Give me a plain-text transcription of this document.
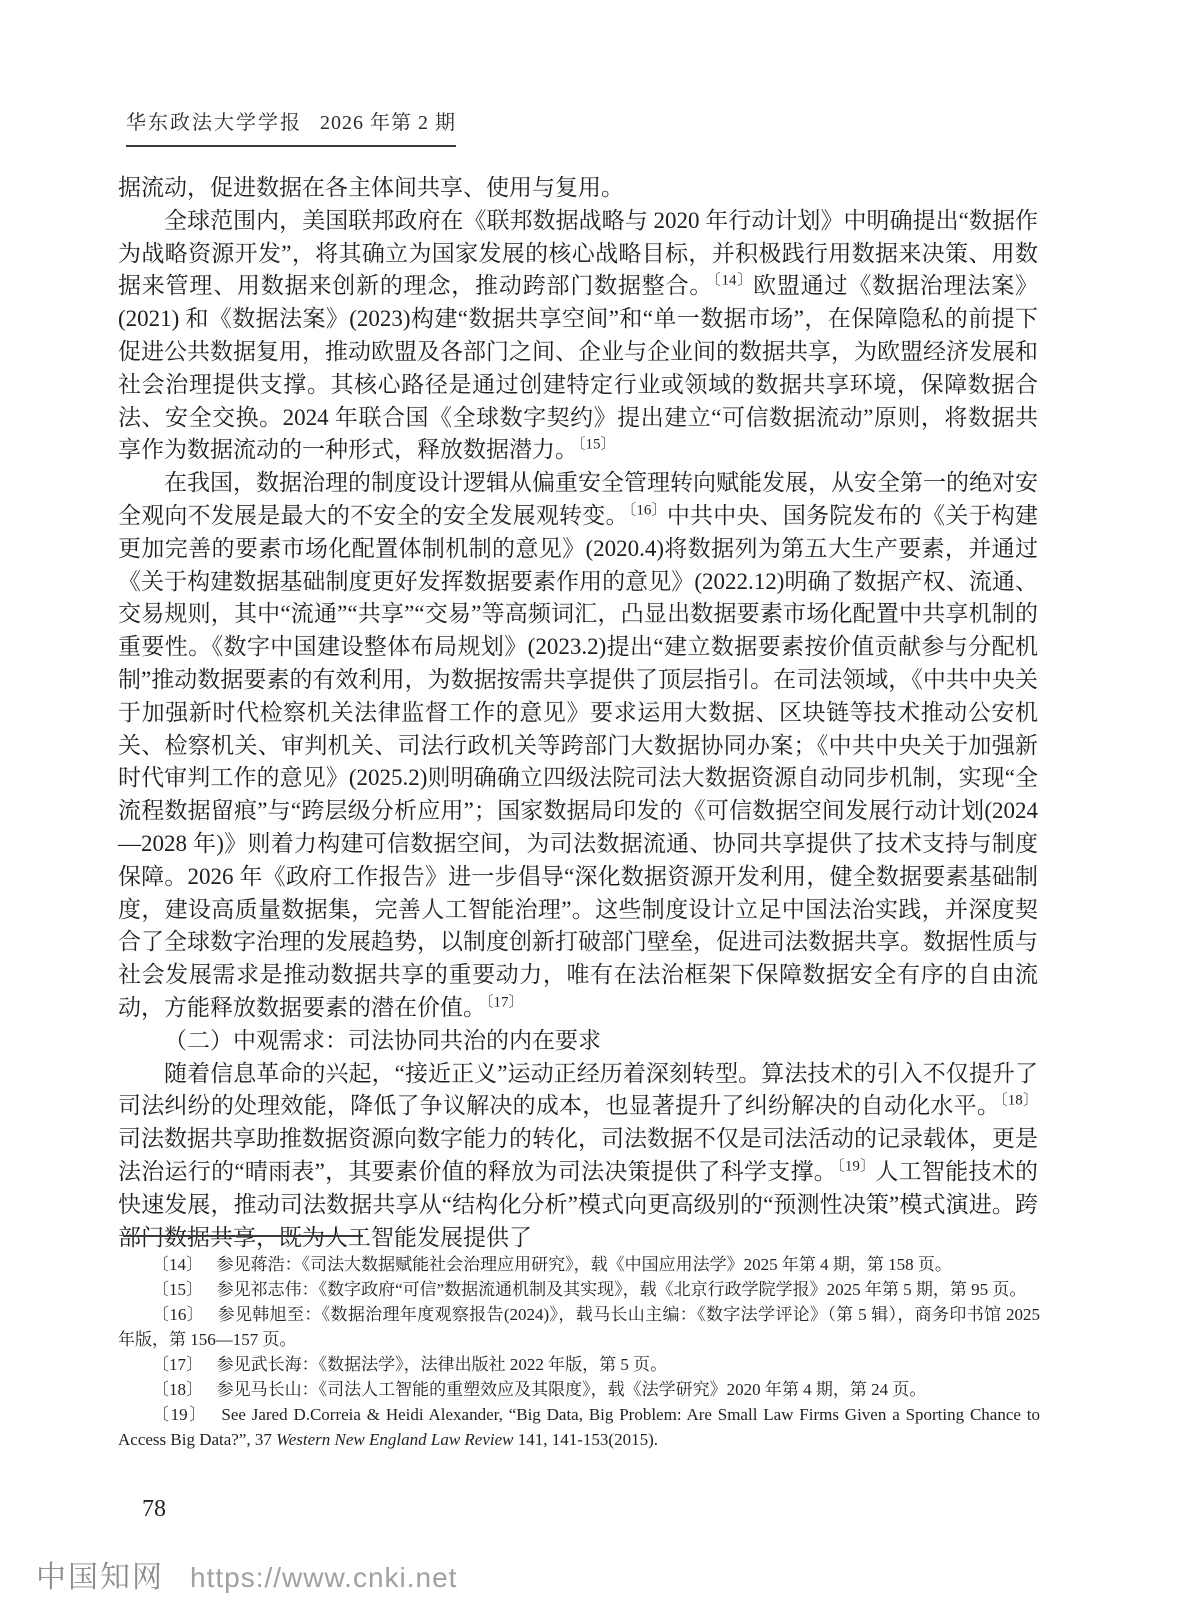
华东政法大学学报 2026 年第 2 期

据流动，促进数据在各主体间共享、使用与复用。

全球范围内，美国联邦政府在《联邦数据战略与 2020 年行动计划》中明确提出“数据作为战略资源开发”，将其确立为国家发展的核心战略目标，并积极践行用数据来决策、用数据来管理、用数据来创新的理念，推动跨部门数据整合。$^{〔14〕}$欧盟通过《数据治理法案》(2021) 和《数据法案》(2023)构建“数据共享空间”和“单一数据市场”，在保障隐私的前提下促进公共数据复用，推动欧盟及各部门之间、企业与企业间的数据共享，为欧盟经济发展和社会治理提供支撑。其核心路径是通过创建特定行业或领域的数据共享环境，保障数据合法、安全交换。2024 年联合国《全球数字契约》提出建立“可信数据流动”原则，将数据共享作为数据流动的一种形式，释放数据潜力。$^{〔15〕}$

在我国，数据治理的制度设计逻辑从偏重安全管理转向赋能发展，从安全第一的绝对安全观向不发展是最大的不安全的安全发展观转变。$^{〔16〕}$中共中央、国务院发布的《关于构建更加完善的要素市场化配置体制机制的意见》(2020.4)将数据列为第五大生产要素，并通过《关于构建数据基础制度更好发挥数据要素作用的意见》(2022.12)明确了数据产权、流通、交易规则，其中“流通”“共享”“交易”等高频词汇，凸显出数据要素市场化配置中共享机制的重要性。《数字中国建设整体布局规划》(2023.2)提出“建立数据要素按价值贡献参与分配机制”推动数据要素的有效利用，为数据按需共享提供了顶层指引。在司法领域，《中共中央关于加强新时代检察机关法律监督工作的意见》要求运用大数据、区块链等技术推动公安机关、检察机关、审判机关、司法行政机关等跨部门大数据协同办案；《中共中央关于加强新时代审判工作的意见》(2025.2)则明确确立四级法院司法大数据资源自动同步机制，实现“全流程数据留痕”与“跨层级分析应用”；国家数据局印发的《可信数据空间发展行动计划(2024—2028 年)》则着力构建可信数据空间，为司法数据流通、协同共享提供了技术支持与制度保障。2026 年《政府工作报告》进一步倡导“深化数据资源开发利用，健全数据要素基础制度，建设高质量数据集，完善人工智能治理”。这些制度设计立足中国法治实践，并深度契合了全球数字治理的发展趋势，以制度创新打破部门壁垒，促进司法数据共享。数据性质与社会发展需求是推动数据共享的重要动力，唯有在法治框架下保障数据安全有序的自由流动，方能释放数据要素的潜在价值。$^{〔17〕}$

（二）中观需求：司法协同共治的内在要求

随着信息革命的兴起，“接近正义”运动正经历着深刻转型。算法技术的引入不仅提升了司法纠纷的处理效能，降低了争议解决的成本，也显著提升了纠纷解决的自动化水平。$^{〔18〕}$司法数据共享助推数据资源向数字能力的转化，司法数据不仅是司法活动的记录载体，更是法治运行的“晴雨表”，其要素价值的释放为司法决策提供了科学支撑。$^{〔19〕}$人工智能技术的快速发展，推动司法数据共享从“结构化分析”模式向更高级别的“预测性决策”模式演进。跨部门数据共享，既为人工智能发展提供了

〔14〕 参见蒋浩：《司法大数据赋能社会治理应用研究》，载《中国应用法学》2025 年第 4 期，第 158 页。

〔15〕 参见祁志伟：《数字政府“可信”数据流通机制及其实现》，载《北京行政学院学报》2025 年第 5 期，第 95 页。

〔16〕 参见韩旭至：《数据治理年度观察报告(2024)》，载马长山主编：《数字法学评论》（第 5 辑），商务印书馆 2025 年版，第 156—157 页。

〔17〕 参见武长海：《数据法学》，法律出版社 2022 年版，第 5 页。

〔18〕 参见马长山：《司法人工智能的重塑效应及其限度》，载《法学研究》2020 年第 4 期，第 24 页。

〔19〕 See Jared D.Correia & Heidi Alexander, “Big Data, Big Problem: Are Small Law Firms Given a Sporting Chance to Access Big Data?”, 37 Western New England Law Review 141, 141-153(2015).

78
中国知网 https://www.cnki.net
